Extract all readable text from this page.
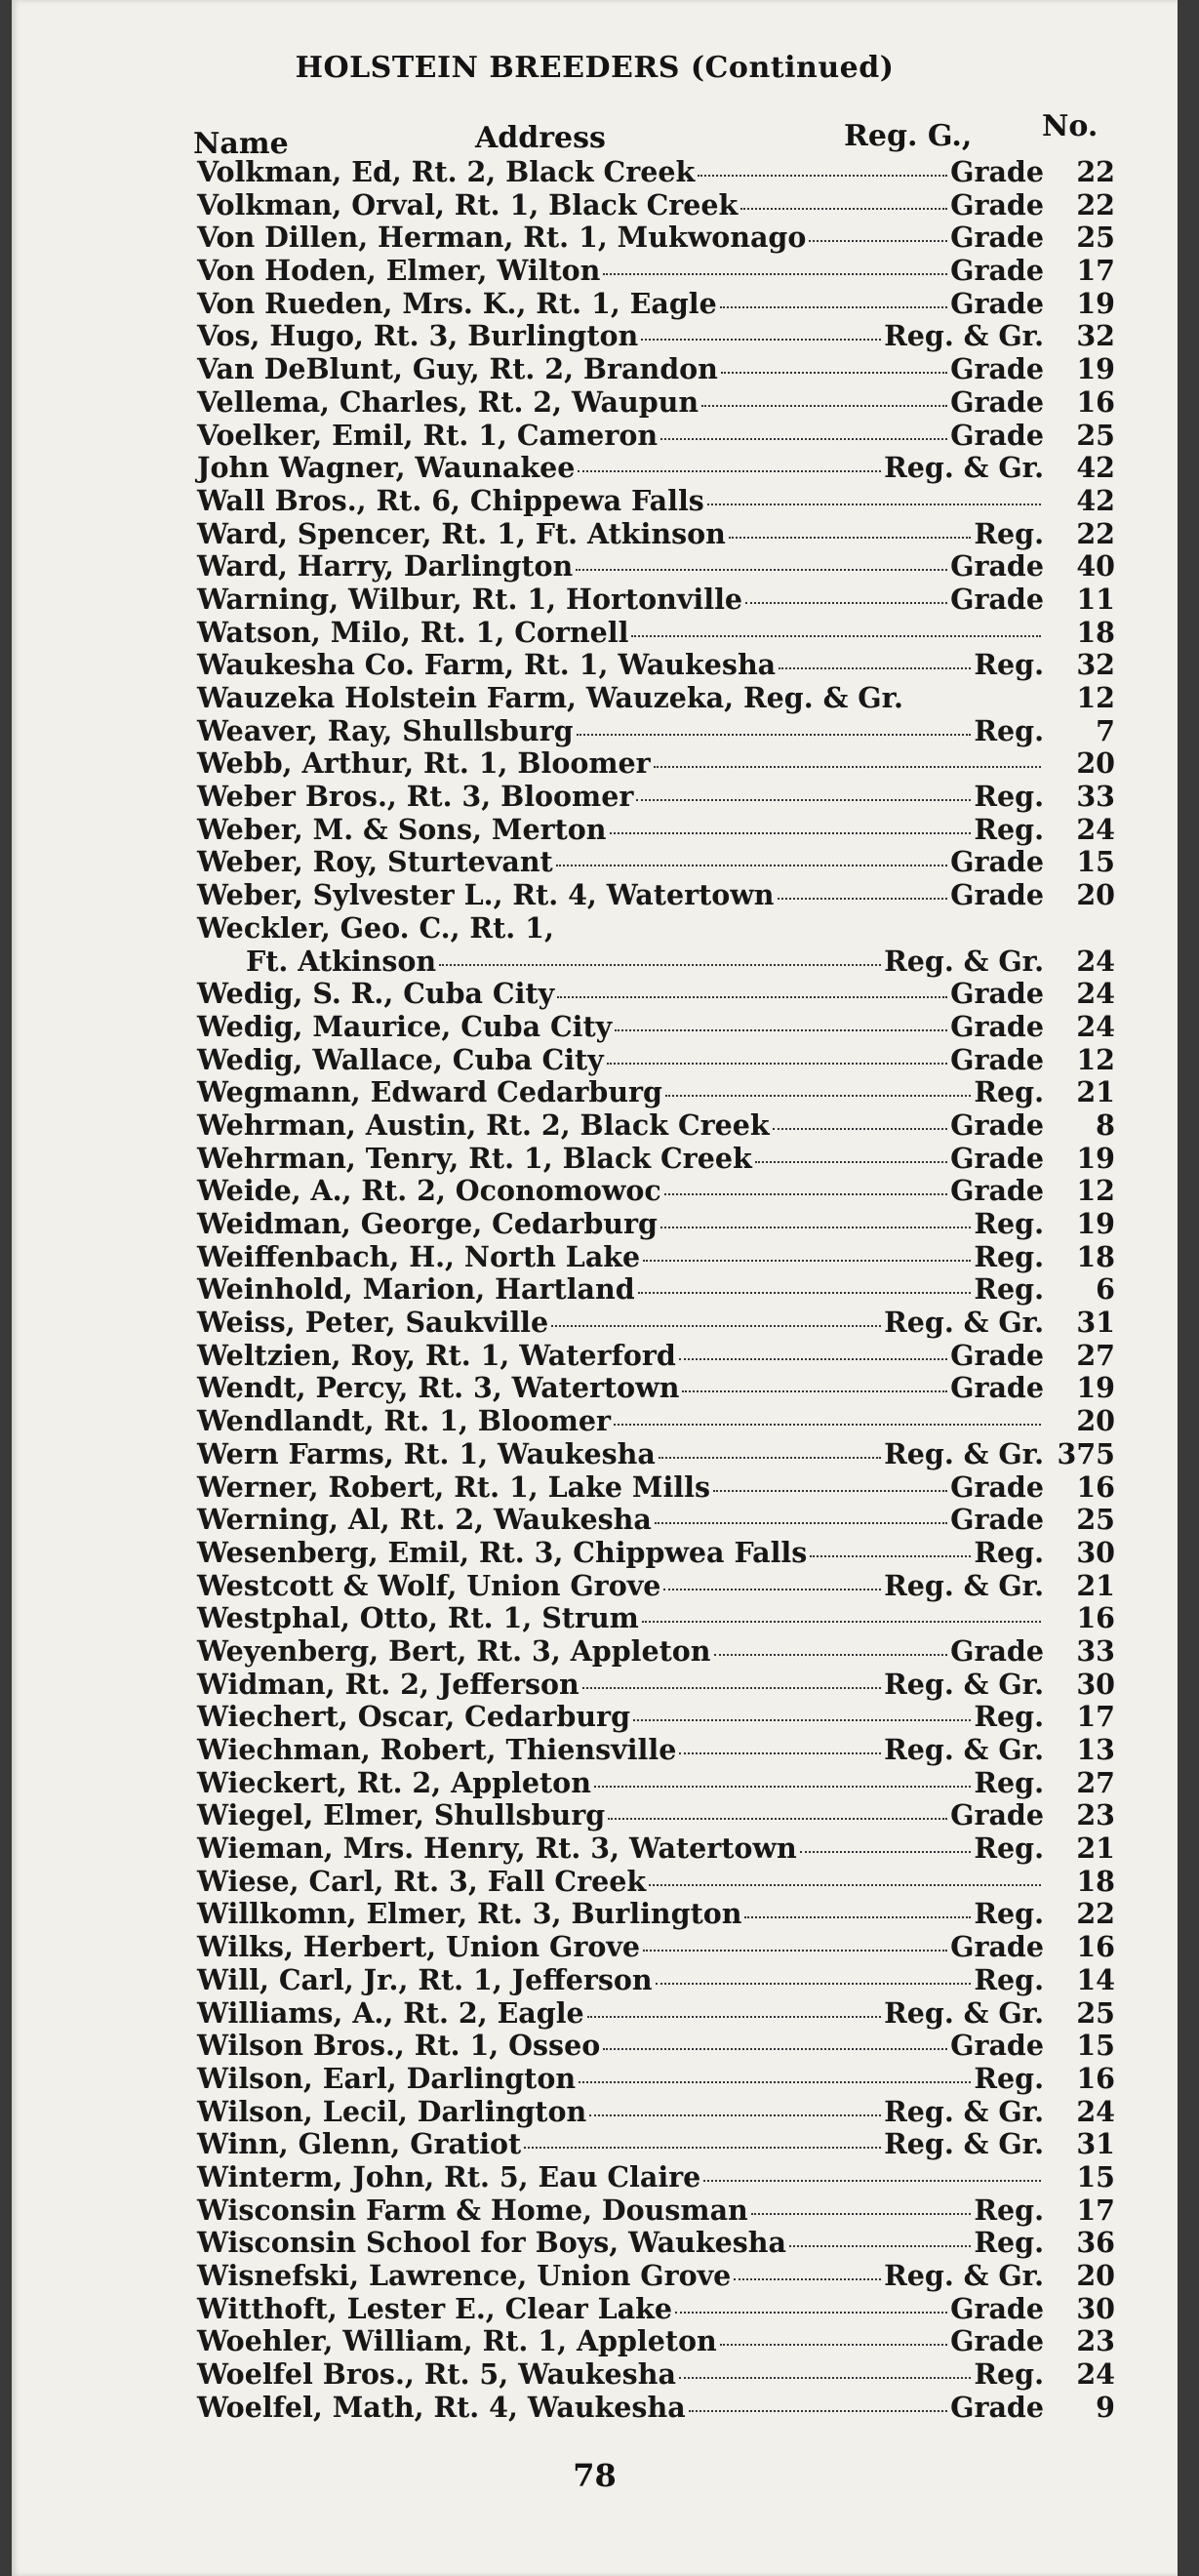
HOLSTEIN BREEDERS (Continued)
Name	Address	Reg. G., No.
Volkman, Ed, Rt. 2, Black Creek	Grade 22
Volkman, Orval, Rt. 1, Black Creek	Grade 22
Von Dillen, Herman, Rt. 1, Mukwonago	Grade 25
Von Hoden, Elmer, Wilton	Grade 17
Von Rueden, Mrs. K., Rt. 1, Eagle	Grade 19
Vos, Hugo, Rt. 3, Burlington	Reg. & Gr. 32
Van DeBlunt, Guy, Rt. 2, Brandon	Grade 19
Vellema, Charles, Rt. 2, Waupun	Grade 16
Voelker, Emil, Rt. 1, Cameron	Grade 25
John Wagner, Waunakee	Reg. & Gr. 42
Wall Bros., Rt. 6, Chippewa Falls	42
Ward, Spencer, Rt. 1, Ft. Atkinson	Reg. 22
Ward, Harry, Darlington	Grade 40
Warning, Wilbur, Rt. 1, Hortonville	Grade 11
Watson, Milo, Rt. 1, Cornell	18
Waukesha Co. Farm, Rt. 1, Waukesha	Reg. 32
Wauzeka Holstein Farm, Wauzeka, Reg. & Gr.	12
Weaver, Ray, Shullsburg	Reg. 7
Webb, Arthur, Rt. 1, Bloomer	20
Weber Bros., Rt. 3, Bloomer	Reg. 33
Weber, M. & Sons, Merton	Reg. 24
Weber, Roy, Sturtevant	Grade 15
Weber, Sylvester L., Rt. 4, Watertown	Grade 20
Weckler, Geo. C., Rt. 1,
Ft. Atkinson	Reg. & Gr. 24
Wedig, S. R., Cuba City	Grade 24
Wedig, Maurice, Cuba City	Grade 24
Wedig, Wallace, Cuba City	Grade 12
Wegmann, Edward Cedarburg	Reg. 21
Wehrman, Austin, Rt. 2, Black Creek	Grade 8
Wehrman, Tenry, Rt. 1, Black Creek	Grade 19
Weide, A., Rt. 2, Oconomowoc	Grade 12
Weidman, George, Cedarburg	Reg. 19
Weiffenbach, H., North Lake	Reg. 18
Weinhold, Marion, Hartland	Reg. 6
Weiss, Peter, Saukville	Reg. & Gr. 31
Weltzien, Roy, Rt. 1, Waterford	Grade 27
Wendt, Percy, Rt. 3, Watertown	Grade 19
Wendlandt, Rt. 1, Bloomer	20
Wern Farms, Rt. 1, Waukesha	Reg. & Gr. 375
Werner, Robert, Rt. 1, Lake Mills	Grade 16
Werning, Al, Rt. 2, Waukesha	Grade 25
Wesenberg, Emil, Rt. 3, Chippwea Falls	Reg. 30
Westcott & Wolf, Union Grove	Reg. & Gr. 21
Westphal, Otto, Rt. 1, Strum	16
Weyenberg, Bert, Rt. 3, Appleton	Grade 33
Widman, Rt. 2, Jefferson	Reg. & Gr. 30
Wiechert, Oscar, Cedarburg	Reg. 17
Wiechman, Robert, Thiensville	Reg. & Gr. 13
Wieckert, Rt. 2, Appleton	Reg. 27
Wiegel, Elmer, Shullsburg	Grade 23
Wieman, Mrs. Henry, Rt. 3, Watertown	Reg. 21
Wiese, Carl, Rt. 3, Fall Creek	18
Willkomn, Elmer, Rt. 3, Burlington	Reg. 22
Wilks, Herbert, Union Grove	Grade 16
Will, Carl, Jr., Rt. 1, Jefferson	Reg. 14
Williams, A., Rt. 2, Eagle	Reg. & Gr. 25
Wilson Bros., Rt. 1, Osseo	Grade 15
Wilson, Earl, Darlington	Reg. 16
Wilson, Lecil, Darlington	Reg. & Gr. 24
Winn, Glenn, Gratiot	Reg. & Gr. 31
Winterm, John, Rt. 5, Eau Claire	15
Wisconsin Farm & Home, Dousman	Reg. 17
Wisconsin School for Boys, Waukesha	Reg. 36
Wisnefski, Lawrence, Union Grove	Reg. & Gr. 20
Witthoft, Lester E., Clear Lake	Grade 30
Woehler, William, Rt. 1, Appleton	Grade 23
Woelfel Bros., Rt. 5, Waukesha	Reg. 24
Woelfel, Math, Rt. 4, Waukesha	Grade 9
78
